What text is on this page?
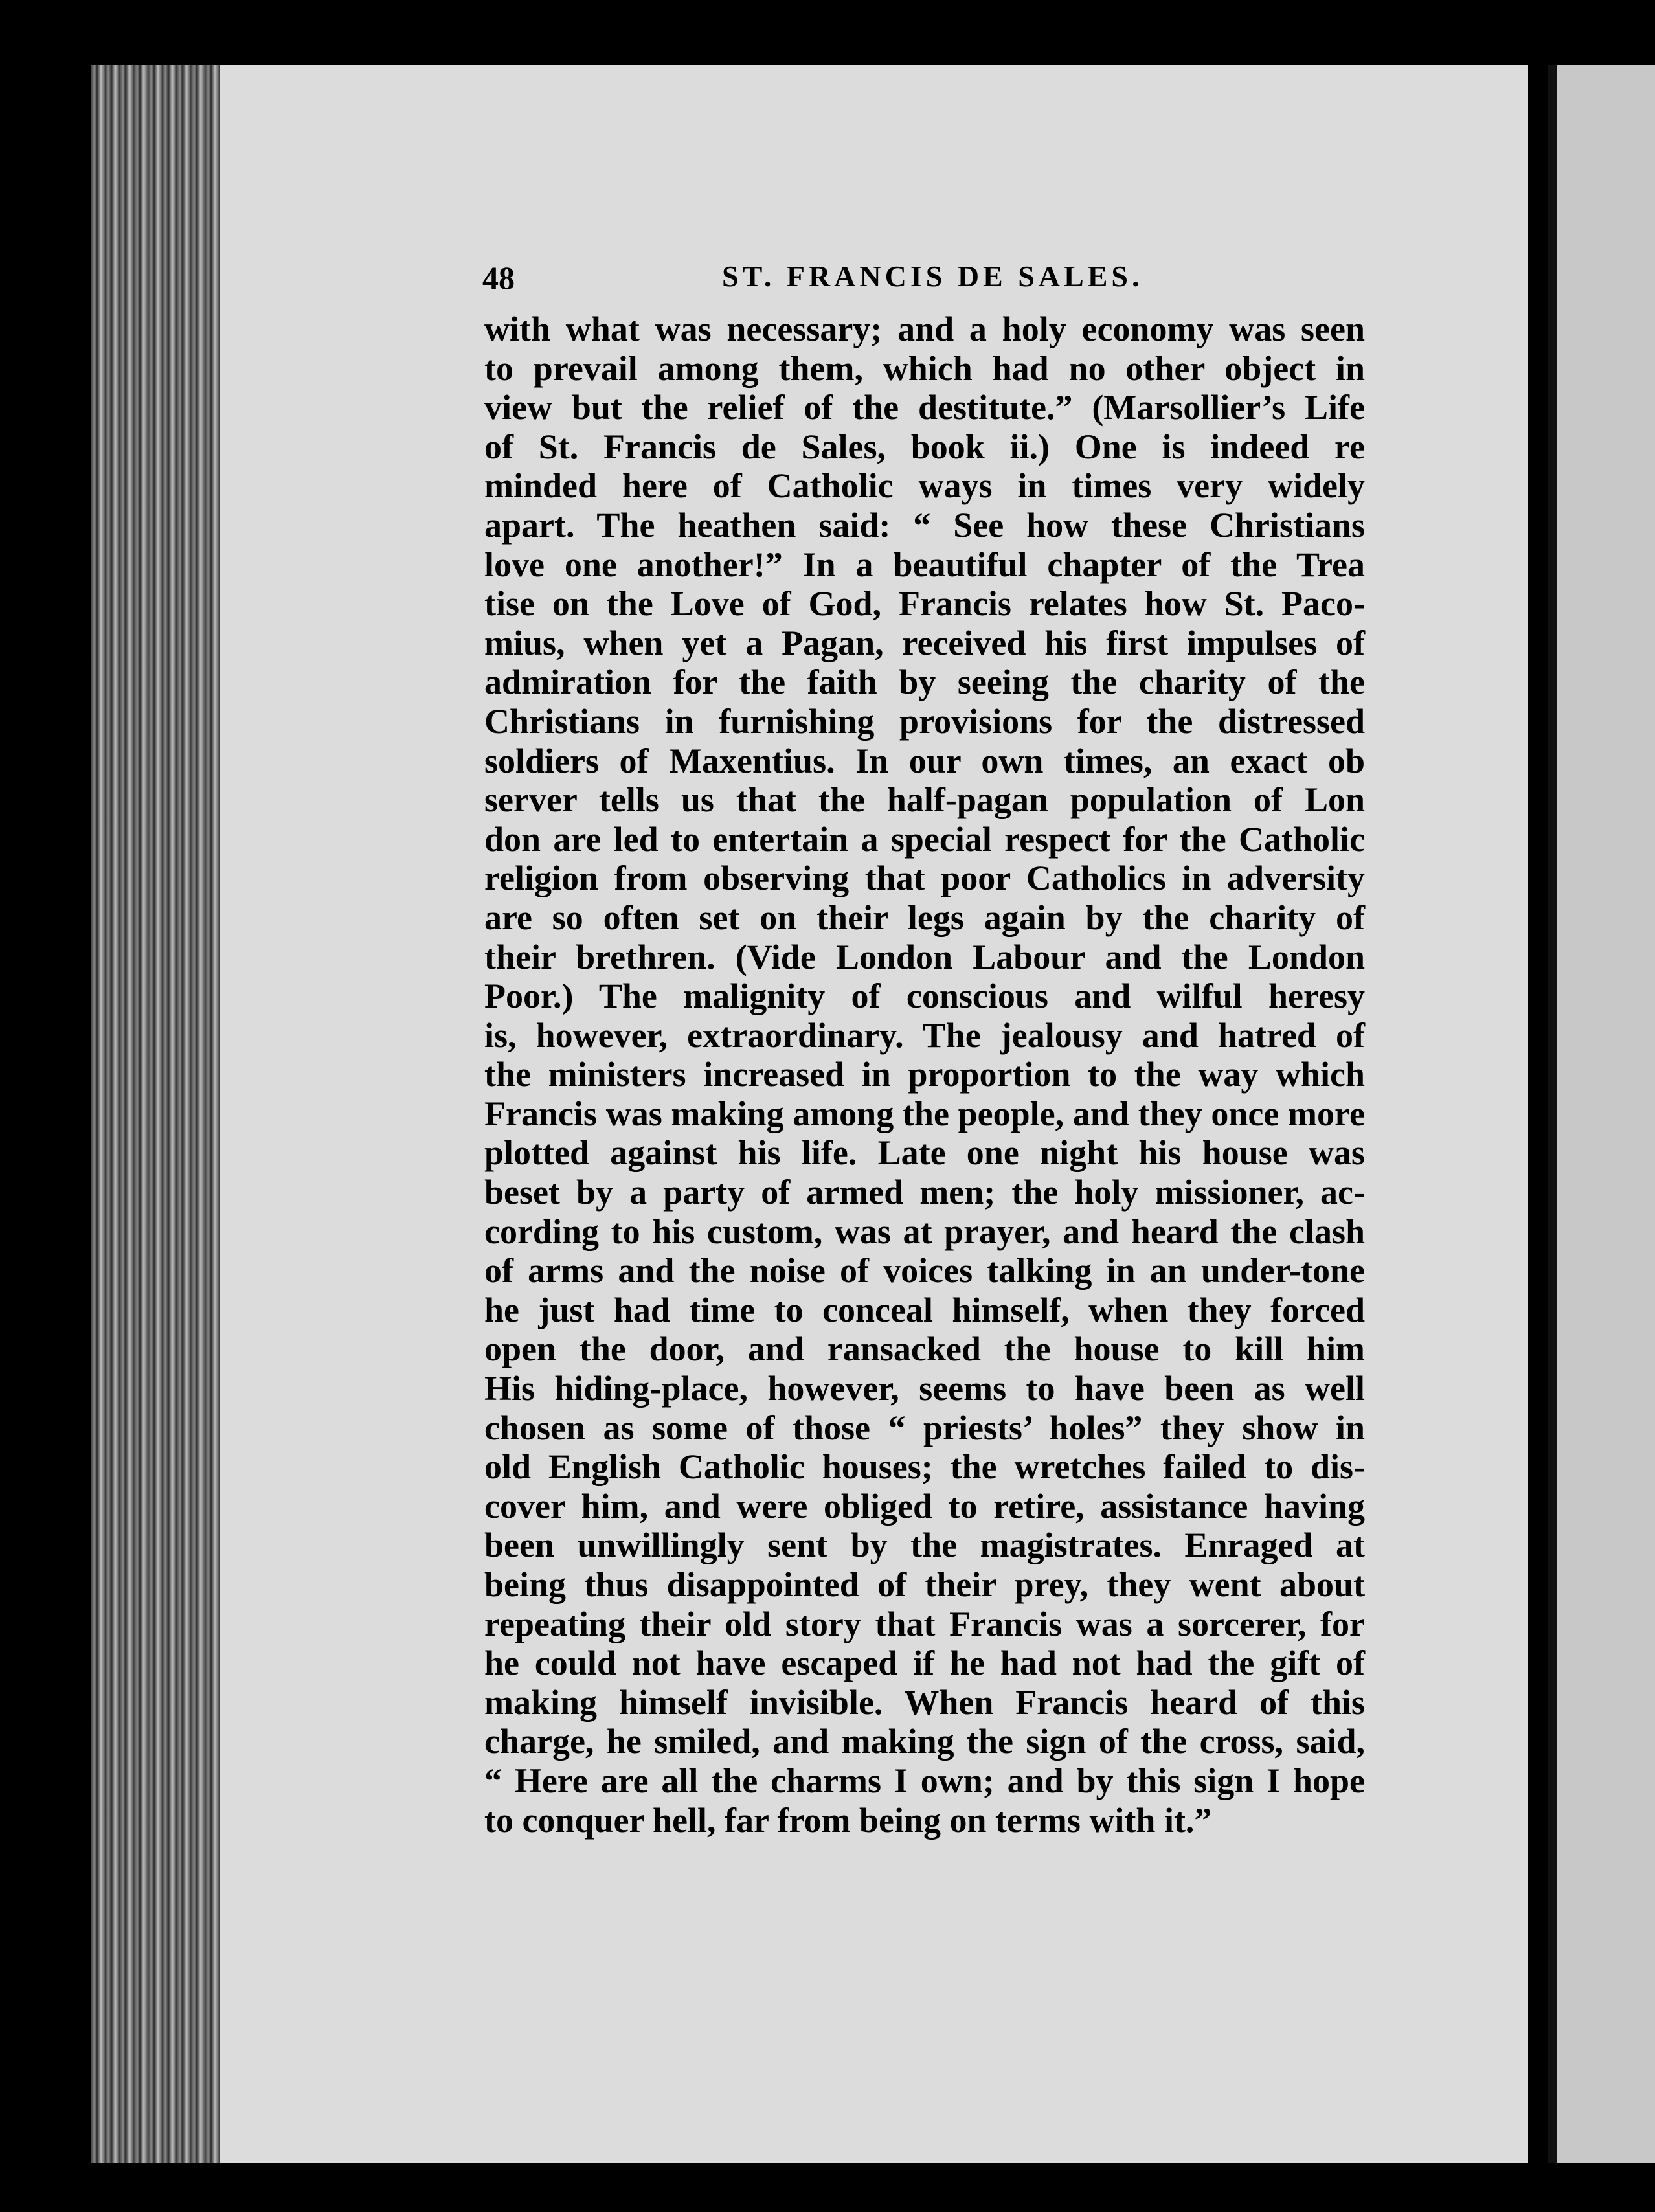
48	ST. FRANCIS DE SALES.
with what was necessary; and a holy economy was seen
to prevail among them, which had no other object in
view but the relief of the destitute.” (Marsollier’s Life
of St. Francis de Sales, book ii.) One is indeed re
minded here of Catholic ways in times very widely
apart. The heathen said: “ See how these Christians
love one another!” In a beautiful chapter of the Trea
tise on the Love of God, Francis relates how St. Paco-
mius, when yet a Pagan, received his first impulses of
admiration for the faith by seeing the charity of the
Christians in furnishing provisions for the distressed
soldiers of Maxentius. In our own times, an exact ob
server tells us that the half-pagan population of Lon
don are led to entertain a special respect for the Catholic
religion from observing that poor Catholics in adversity
are so often set on their legs again by the charity of
their brethren. (Vide London Labour and the London
Poor.) The malignity of conscious and wilful heresy
is, however, extraordinary. The jealousy and hatred of
the ministers increased in proportion to the way which
Francis was making among the people, and they once more
plotted against his life. Late one night his house was
beset by a party of armed men; the holy missioner, ac-
cording to his custom, was at prayer, and heard the clash
of arms and the noise of voices talking in an under-tone
he just had time to conceal himself, when they forced
open the door, and ransacked the house to kill him
His hiding-place, however, seems to have been as well
chosen as some of those “ priests’ holes” they show in
old English Catholic houses; the wretches failed to dis-
cover him, and were obliged to retire, assistance having
been unwillingly sent by the magistrates. Enraged at
being thus disappointed of their prey, they went about
repeating their old story that Francis was a sorcerer, for
he could not have escaped if he had not had the gift of
making himself invisible. When Francis heard of this
charge, he smiled, and making the sign of the cross, said,
“ Here are all the charms I own; and by this sign I hope
to conquer hell, far from being on terms with it.”
